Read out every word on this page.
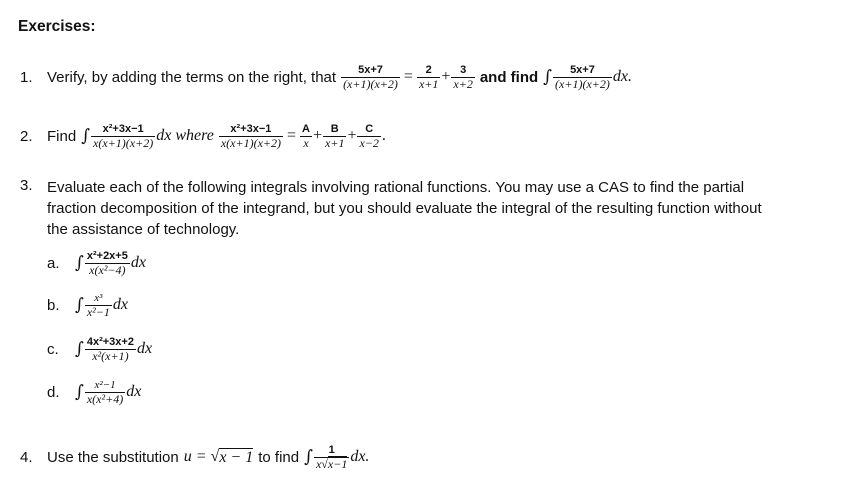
Exercises:
1. Verify, by adding the terms on the right, that $\frac{5x+7}{(x+1)(x+2)} = \frac{2}{x+1} + \frac{3}{x+2}$ and find ∫ $\frac{5x+7}{(x+1)(x+2)}$ dx.
2. Find ∫ $\frac{\text{x²+3x−1}}{x(x+1)(x+2)}$ dx where $\frac{\text{x²+3x−1}}{x(x+1)(x+2)} = \frac{A}{x} + \frac{B}{x+1} + \frac{C}{x-2}$ .
3. Evaluate each of the following integrals involving rational functions. You may use a CAS to find the partial fraction decomposition of the integrand, but you should evaluate the integral of the resulting function without the assistance of technology.
a. ∫ $\frac{\text{x²+2x+5}}{\text{x(x²−4)}}$ dx
b. ∫ $\frac{\text{x³}}{\text{x²−1}}$ dx
c. ∫ $\frac{\text{4x²+3x+2}}{\text{x²(x+1)}}$ dx
d. ∫ $\frac{\text{x²−1}}{\text{x(x²+4)}}$ dx
4. Use the substitution u = √ x − 1 to find ∫ $\frac{1}{x√x-1}$ dx.
